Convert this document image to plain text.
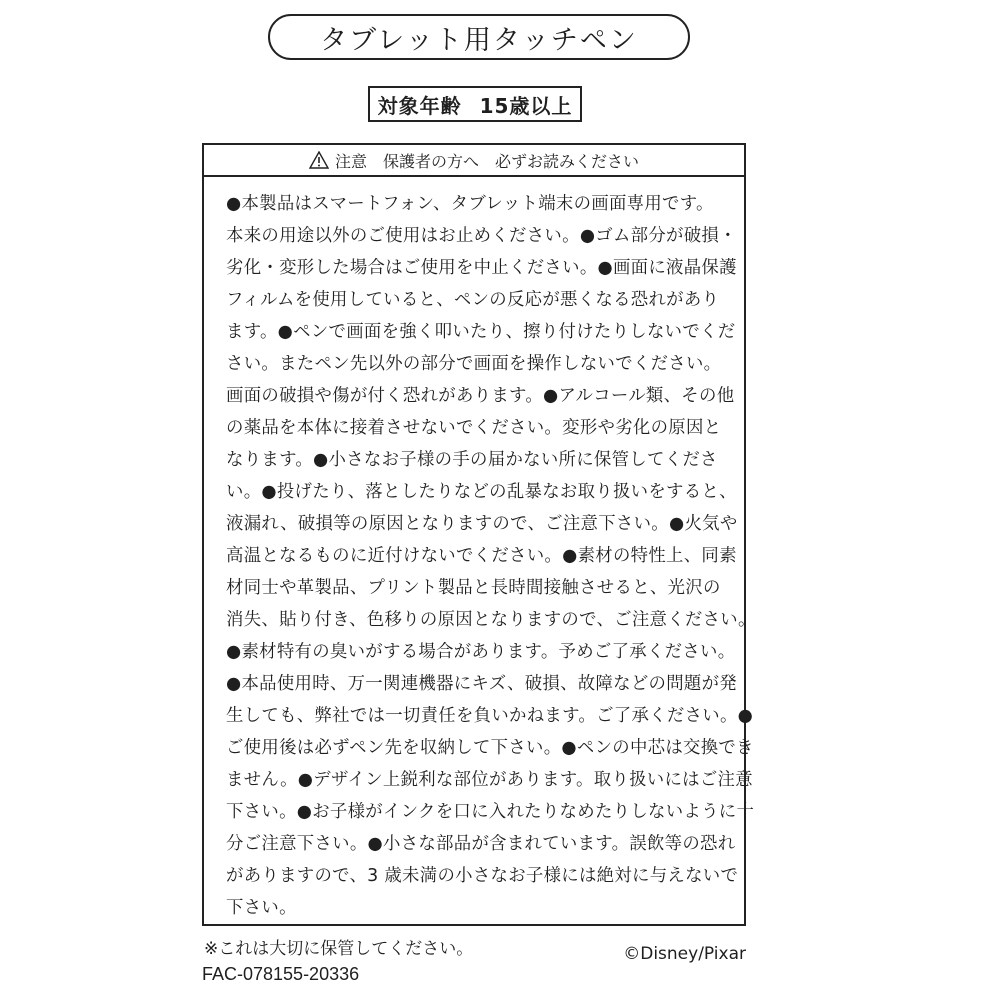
タブレット用タッチペン
対象年齢 15歳以上
注意　保護者の方へ　必ずお読みください
●本製品はスマートフォン、タブレット端末の画面専用です。
本来の用途以外のご使用はお止めください。●ゴム部分が破損・
劣化・変形した場合はご使用を中止ください。●画面に液晶保護
フィルムを使用していると、ペンの反応が悪くなる恐れがあり
ます。●ペンで画面を強く叩いたり、擦り付けたりしないでくだ
さい。またペン先以外の部分で画面を操作しないでください。
画面の破損や傷が付く恐れがあります。●アルコール類、その他
の薬品を本体に接着させないでください。変形や劣化の原因と
なります。●小さなお子様の手の届かない所に保管してくださ
い。●投げたり、落としたりなどの乱暴なお取り扱いをすると、
液漏れ、破損等の原因となりますので、ご注意下さい。●火気や
高温となるものに近付けないでください。●素材の特性上、同素
材同士や革製品、プリント製品と長時間接触させると、光沢の
消失、貼り付き、色移りの原因となりますので、ご注意ください。
●素材特有の臭いがする場合があります。予めご了承ください。
●本品使用時、万一関連機器にキズ、破損、故障などの問題が発
生しても、弊社では一切責任を負いかねます。ご了承ください。●
ご使用後は必ずペン先を収納して下さい。●ペンの中芯は交換でき
ません。●デザイン上鋭利な部位があります。取り扱いにはご注意
下さい。●お子様がインクを口に入れたりなめたりしないように十
分ご注意下さい。●小さな部品が含まれています。誤飲等の恐れ
がありますので、3 歳未満の小さなお子様には絶対に与えないで
下さい。
※これは大切に保管してください。	©Disney/Pixar
FAC-078155-20336
